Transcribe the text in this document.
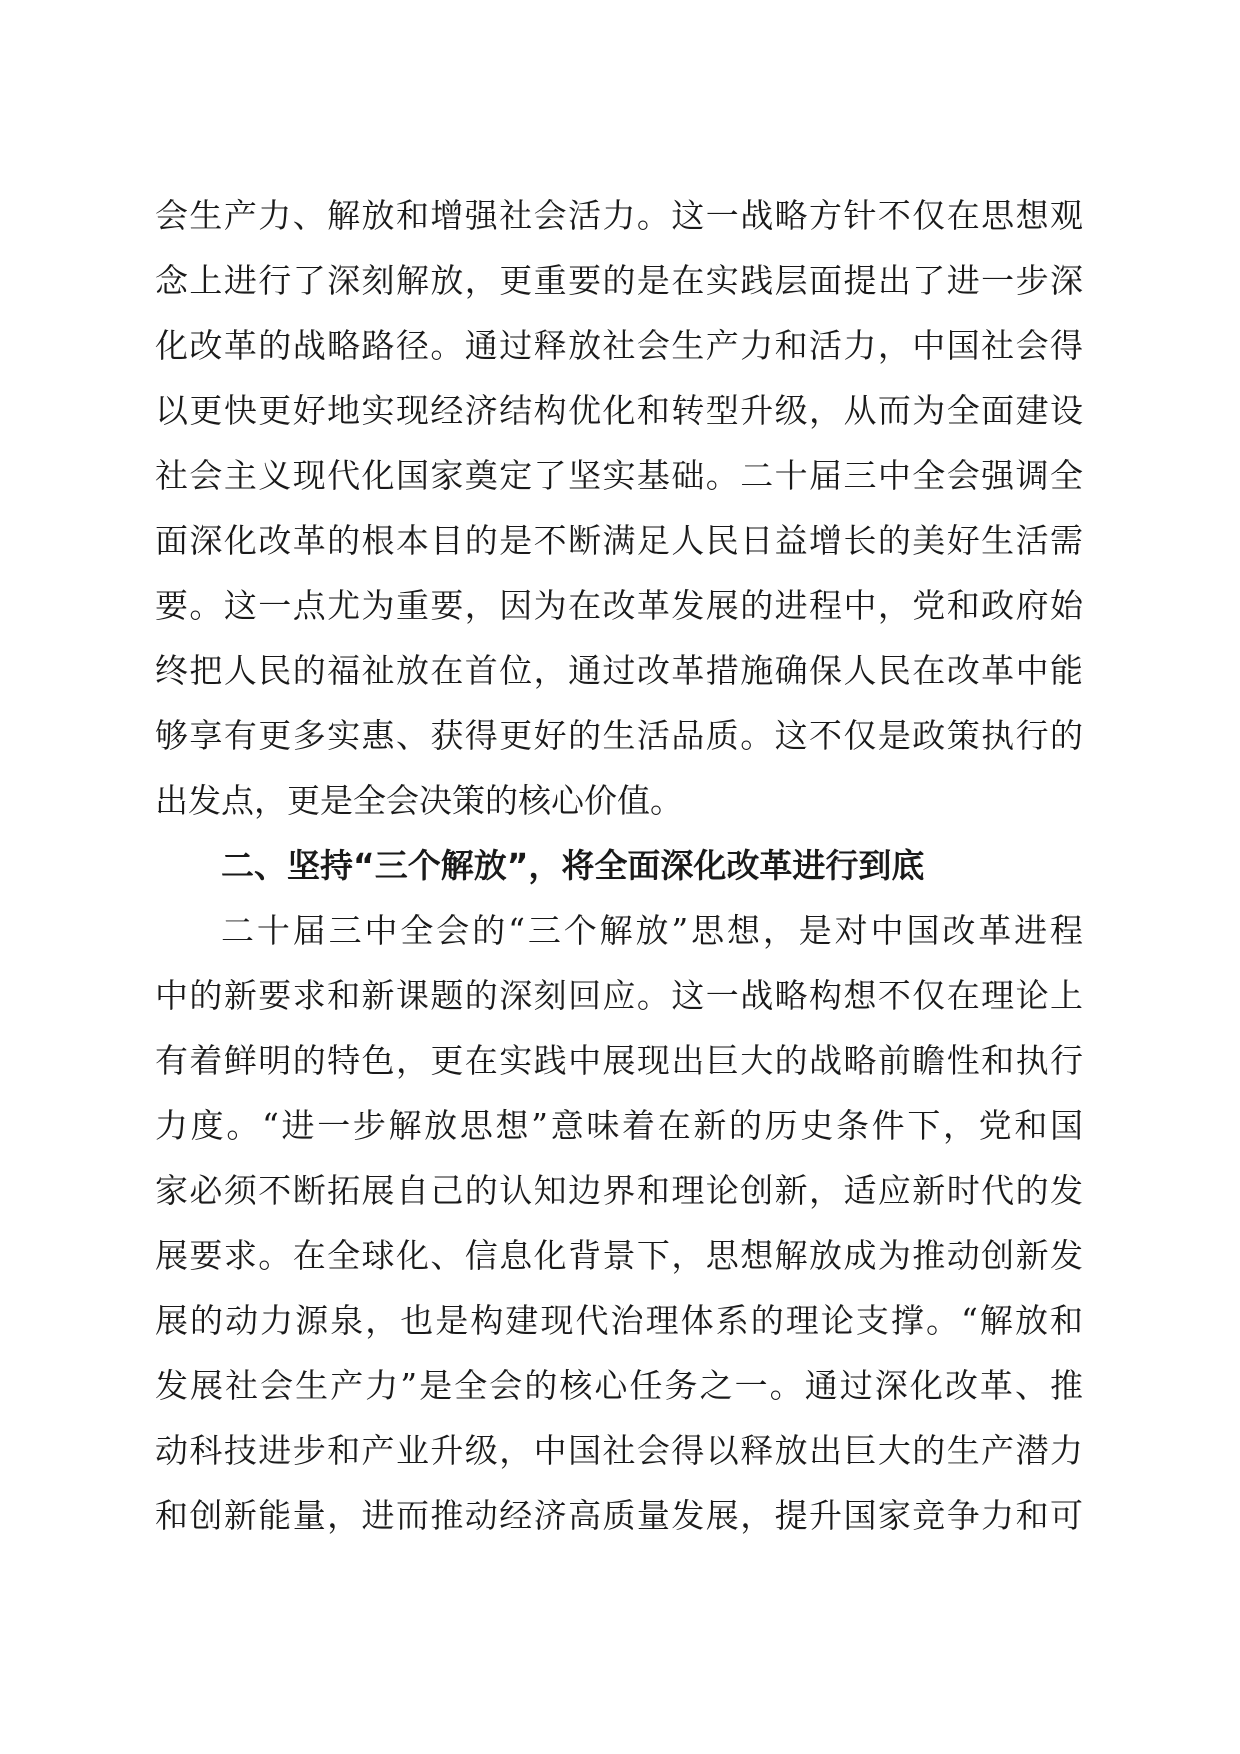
会生产力、解放和增强社会活力。这一战略方针不仅在思想观
念上进行了深刻解放，更重要的是在实践层面提出了进一步深
化改革的战略路径。通过释放社会生产力和活力，中国社会得
以更快更好地实现经济结构优化和转型升级，从而为全面建设
社会主义现代化国家奠定了坚实基础。二十届三中全会强调全
面深化改革的根本目的是不断满足人民日益增长的美好生活需
要。这一点尤为重要，因为在改革发展的进程中，党和政府始
终把人民的福祉放在首位，通过改革措施确保人民在改革中能
够享有更多实惠、获得更好的生活品质。这不仅是政策执行的
出发点，更是全会决策的核心价值。
二、坚持“三个解放”，将全面深化改革进行到底
二十届三中全会的“三个解放”思想，是对中国改革进程
中的新要求和新课题的深刻回应。这一战略构想不仅在理论上
有着鲜明的特色，更在实践中展现出巨大的战略前瞻性和执行
力度。“进一步解放思想”意味着在新的历史条件下，党和国
家必须不断拓展自己的认知边界和理论创新，适应新时代的发
展要求。在全球化、信息化背景下，思想解放成为推动创新发
展的动力源泉，也是构建现代治理体系的理论支撑。“解放和
发展社会生产力”是全会的核心任务之一。通过深化改革、推
动科技进步和产业升级，中国社会得以释放出巨大的生产潜力
和创新能量，进而推动经济高质量发展，提升国家竞争力和可
